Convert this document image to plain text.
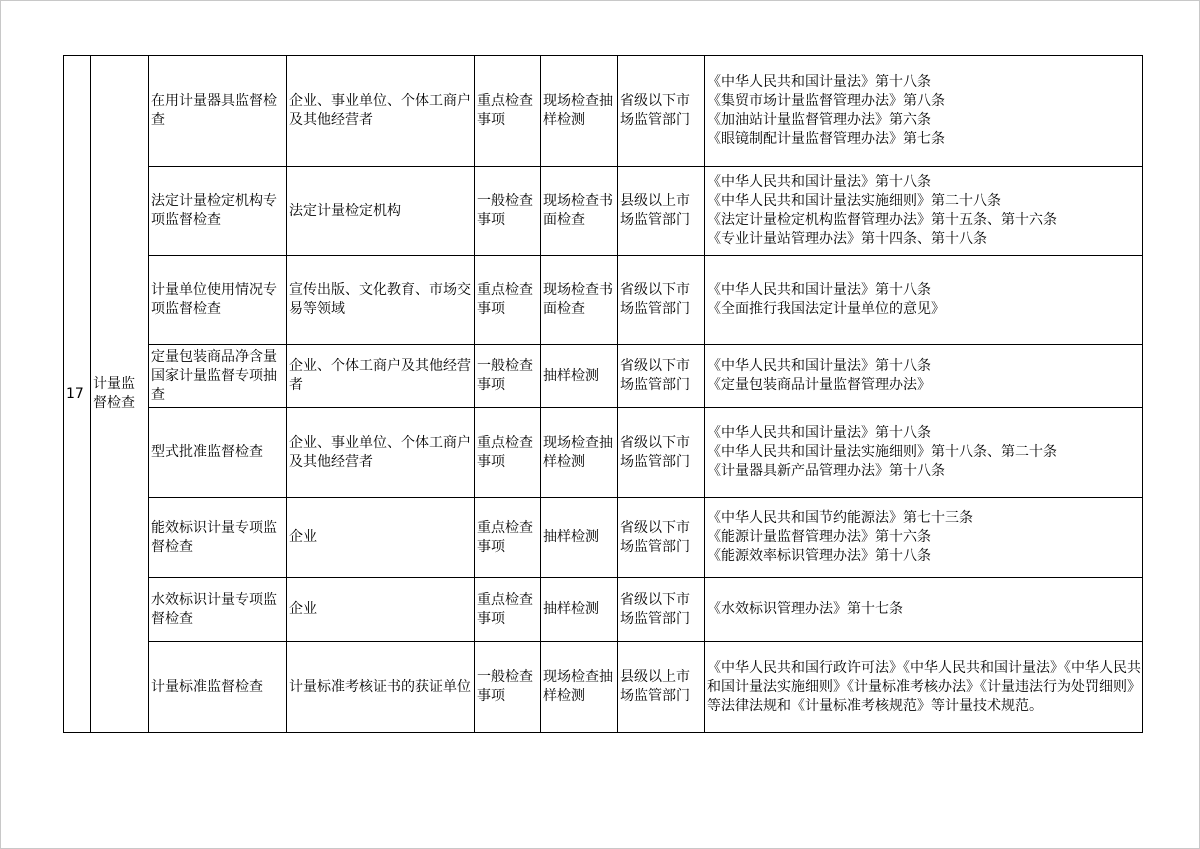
17	计量监督检查	在用计量器具监督检查	企业、事业单位、个体工商户及其他经营者	重点检查事项	现场检查抽样检测	省级以下市场监管部门	《中华人民共和国计量法》第十八条
《集贸市场计量监督管理办法》第八条
《加油站计量监督管理办法》第六条
《眼镜制配计量监督管理办法》第七条

		法定计量检定机构专项监督检查	法定计量检定机构	一般检查事项	现场检查书面检查	县级以上市场监管部门	《中华人民共和国计量法》第十八条
《中华人民共和国计量法实施细则》第二十八条
《法定计量检定机构监督管理办法》第十五条、第十六条
《专业计量站管理办法》第十四条、第十八条

		计量单位使用情况专项监督检查	宣传出版、文化教育、市场交易等领域	重点检查事项	现场检查书面检查	省级以下市场监管部门	《中华人民共和国计量法》第十八条
《全面推行我国法定计量单位的意见》

		定量包装商品净含量国家计量监督专项抽查	企业、个体工商户及其他经营者	一般检查事项	抽样检测	省级以下市场监管部门	《中华人民共和国计量法》第十八条
《定量包装商品计量监督管理办法》

		型式批准监督检查	企业、事业单位、个体工商户及其他经营者	重点检查事项	现场检查抽样检测	省级以下市场监管部门	《中华人民共和国计量法》第十八条
《中华人民共和国计量法实施细则》第十八条、第二十条
《计量器具新产品管理办法》第十八条

		能效标识计量专项监督检查	企业	重点检查事项	抽样检测	省级以下市场监管部门	《中华人民共和国节约能源法》第七十三条
《能源计量监督管理办法》第十六条
《能源效率标识管理办法》第十八条

		水效标识计量专项监督检查	企业	重点检查事项	抽样检测	省级以下市场监管部门	《水效标识管理办法》第十七条

		计量标准监督检查	计量标准考核证书的获证单位	一般检查事项	现场检查抽样检测	县级以上市场监管部门	《中华人民共和国行政许可法》《中华人民共和国计量法》《中华人民共和国计量法实施细则》《计量标准考核办法》《计量违法行为处罚细则》等法律法规和《计量标准考核规范》等计量技术规范。
